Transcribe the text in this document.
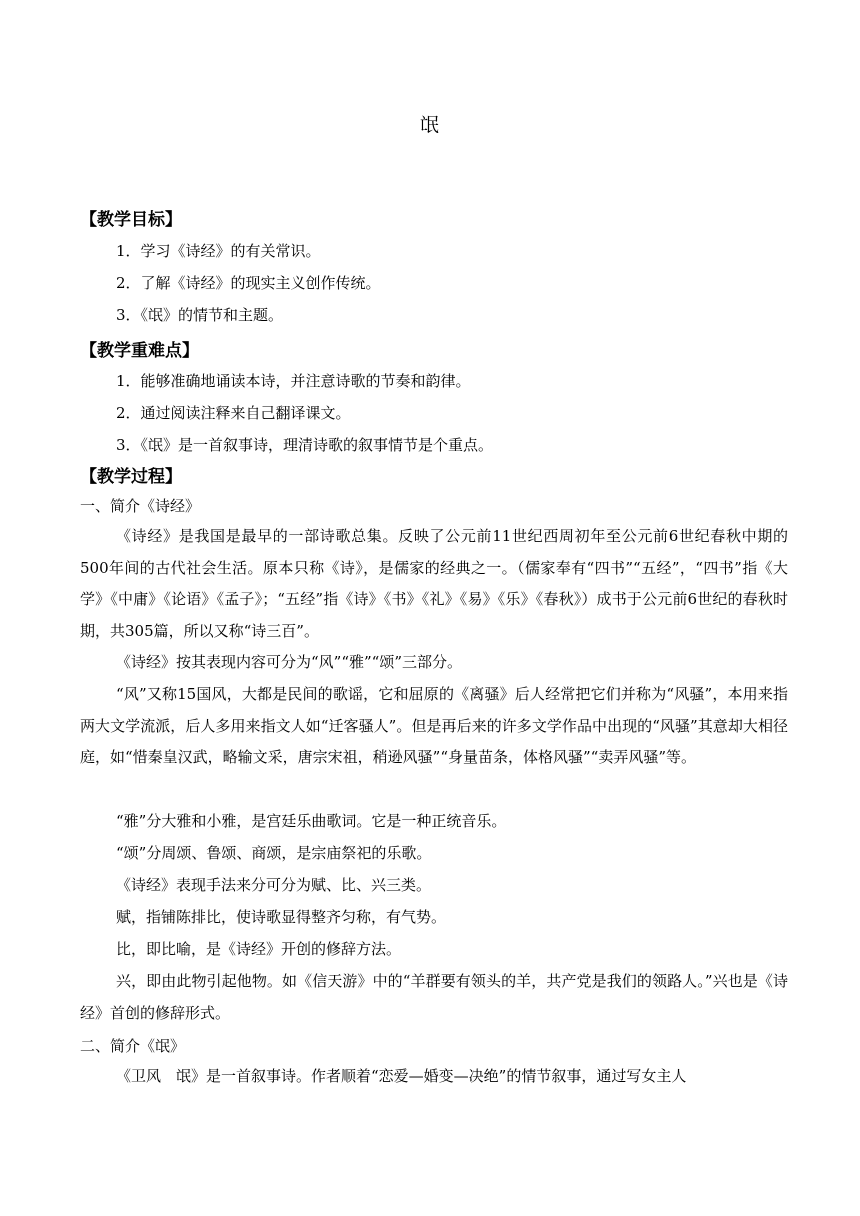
氓
【教学目标】
1．学习《诗经》的有关常识。
2．了解《诗经》的现实主义创作传统。
3．《氓》的情节和主题。
【教学重难点】
1．能够准确地诵读本诗，并注意诗歌的节奏和韵律。
2．通过阅读注释来自己翻译课文。
3．《氓》是一首叙事诗，理清诗歌的叙事情节是个重点。
【教学过程】
一、简介《诗经》
《诗经》是我国是最早的一部诗歌总集。反映了公元前11世纪西周初年至公元前6世纪春秋中期的500年间的古代社会生活。原本只称《诗》，是儒家的经典之一。（儒家奉有“四书”“五经”，“四书”指《大学》《中庸》《论语》《孟子》；“五经”指《诗》《书》《礼》《易》《乐》《春秋》）成书于公元前6世纪的春秋时期，共305篇，所以又称“诗三百”。
《诗经》按其表现内容可分为“风”“雅”“颂”三部分。
“风”又称15国风，大都是民间的歌谣，它和屈原的《离骚》后人经常把它们并称为“风骚”，本用来指两大文学流派，后人多用来指文人如“迁客骚人”。但是再后来的许多文学作品中出现的“风骚”其意却大相径庭，如“惜秦皇汉武，略输文采，唐宗宋祖，稍逊风骚”“身量苗条，体格风骚”“卖弄风骚”等。
“雅”分大雅和小雅，是宫廷乐曲歌词。它是一种正统音乐。
“颂”分周颂、鲁颂、商颂，是宗庙祭祀的乐歌。
《诗经》表现手法来分可分为赋、比、兴三类。
赋，指铺陈排比，使诗歌显得整齐匀称，有气势。
比，即比喻，是《诗经》开创的修辞方法。
兴，即由此物引起他物。如《信天游》中的“羊群要有领头的羊，共产党是我们的领路人。”兴也是《诗经》首创的修辞形式。
二、简介《氓》
《卫风　氓》是一首叙事诗。作者顺着“恋爱—婚变—决绝”的情节叙事，通过写女主人
